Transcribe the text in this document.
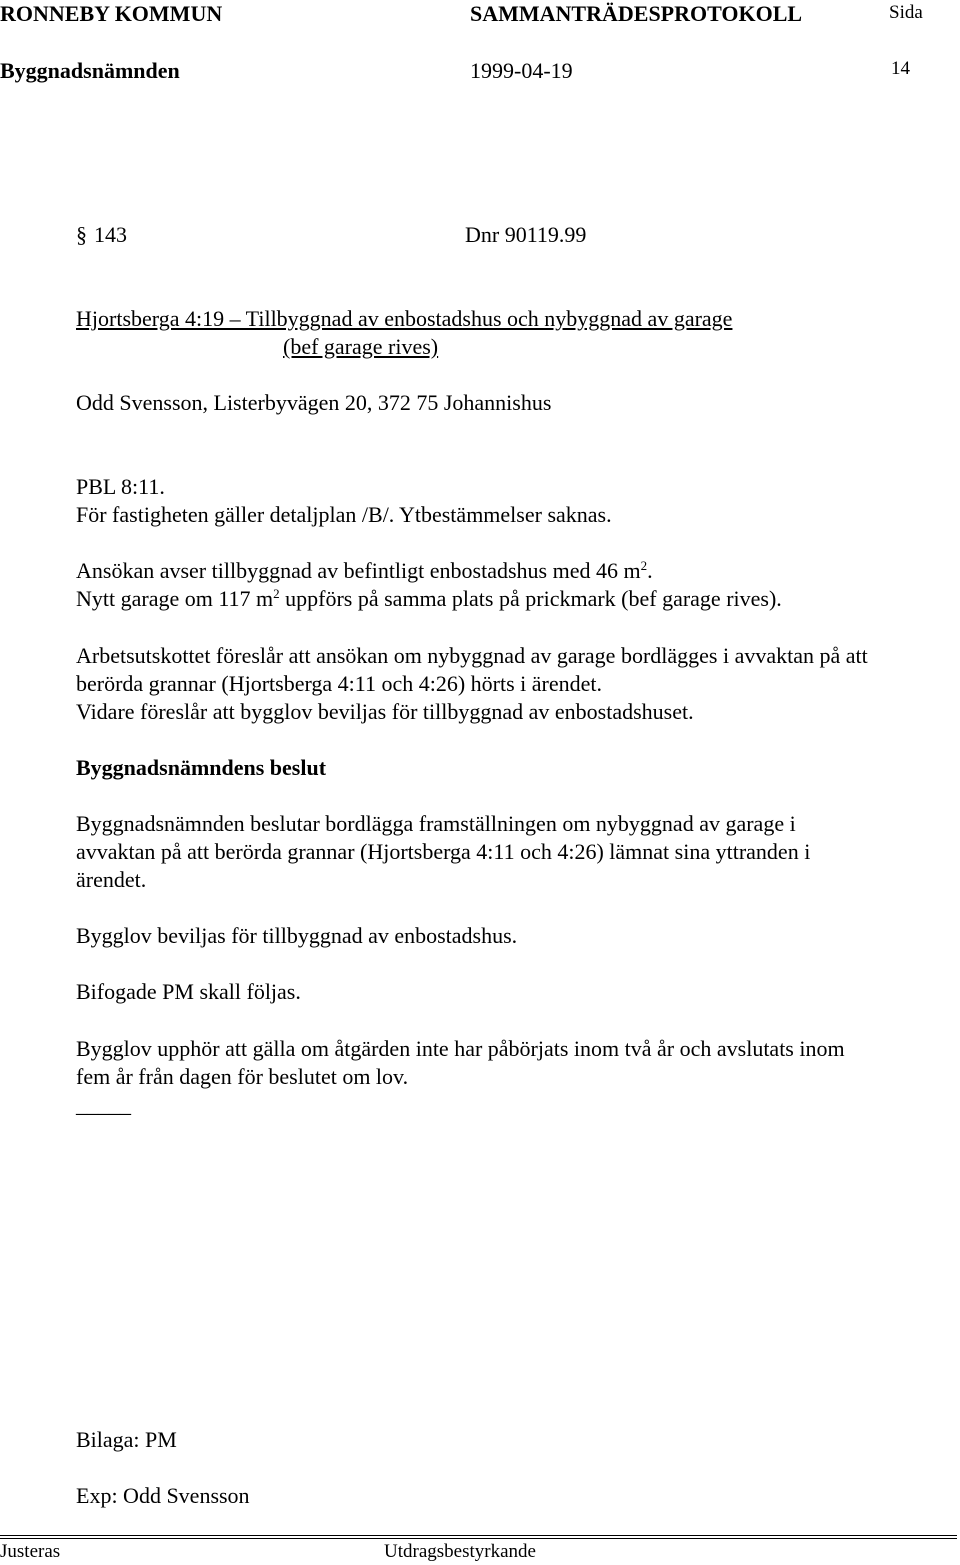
RONNEBY KOMMUN	SAMMANTRÄDESPROTOKOLL	Sida
Byggnadsnämnden	1999-04-19	14
§ 143	Dnr 90119.99
Hjortsberga 4:19 – Tillbyggnad av enbostadshus och nybyggnad av garage
(bef garage rives)
Odd Svensson, Listerbyvägen 20, 372 75 Johannishus
PBL 8:11.
För fastigheten gäller detaljplan /B/. Ytbestämmelser saknas.
Ansökan avser tillbyggnad av befintligt enbostadshus med 46 $m^2$.
Nytt garage om 117 $m^2$ uppförs på samma plats på prickmark (bef garage rives).
Arbetsutskottet föreslår att ansökan om nybyggnad av garage bordlägges i avvaktan på att
berörda grannar (Hjortsberga 4:11 och 4:26) hörts i ärendet.
Vidare föreslår att bygglov beviljas för tillbyggnad av enbostadshuset.
Byggnadsnämndens beslut
Byggnadsnämnden beslutar bordlägga framställningen om nybyggnad av garage i
avvaktan på att berörda grannar (Hjortsberga 4:11 och 4:26) lämnat sina yttranden i
ärendet.
Bygglov beviljas för tillbyggnad av enbostadshus.
Bifogade PM skall följas.
Bygglov upphör att gälla om åtgärden inte har påbörjats inom två år och avslutats inom
fem år från dagen för beslutet om lov.
_____
Bilaga: PM
Exp: Odd Svensson
Justeras	Utdragsbestyrkande
